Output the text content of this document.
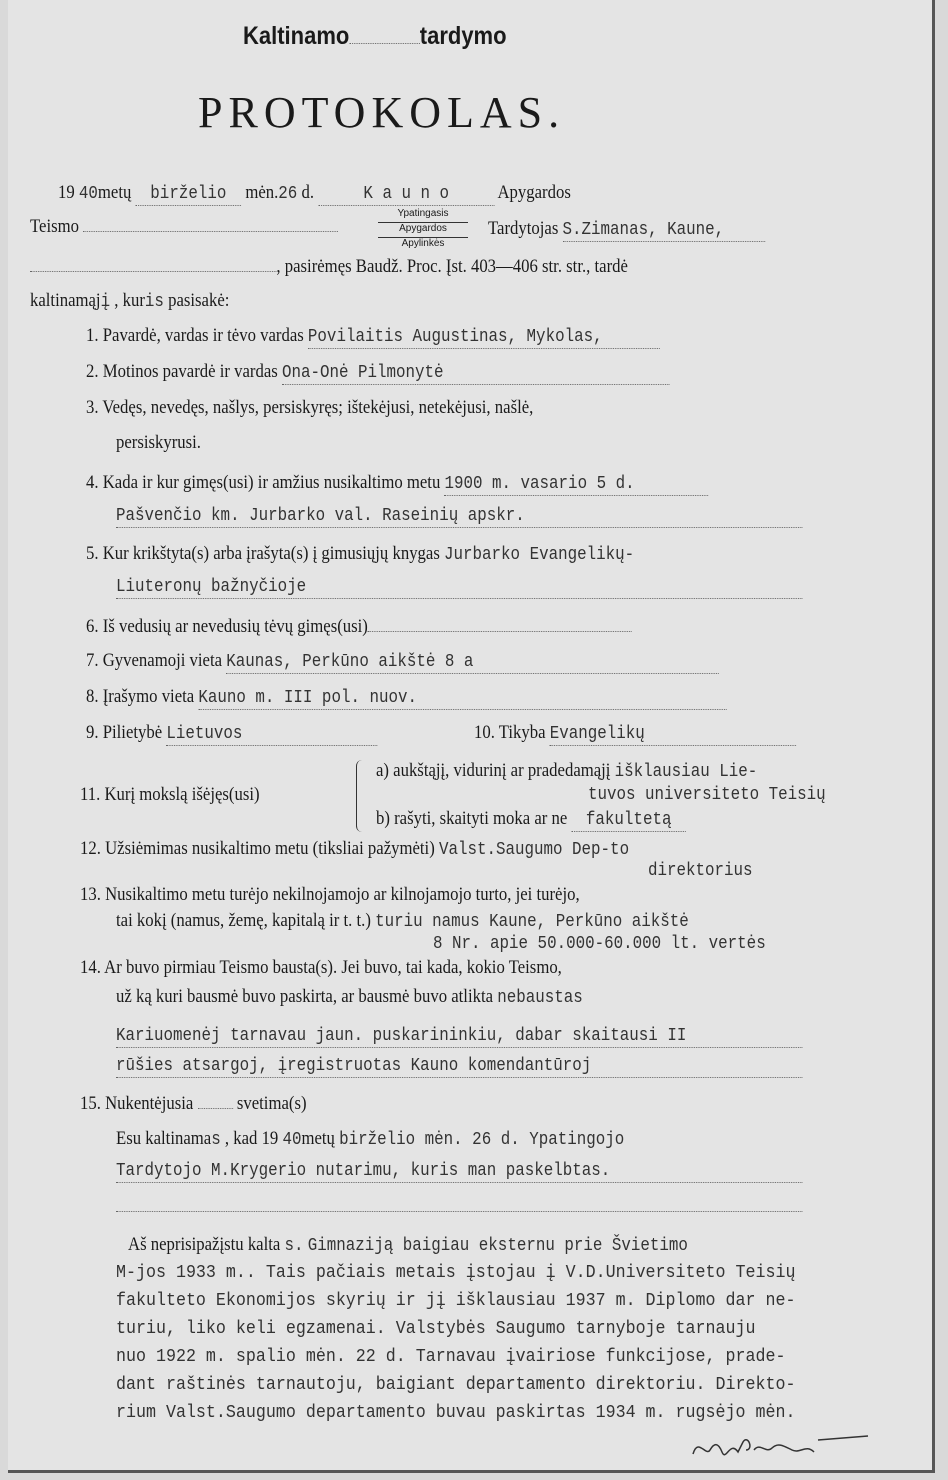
Kaltinamo	tardymo
PROTOKOLAS.
19 40metų birželio mėn.26 d.	K a u n o	Apygardos
Ypatingasis
Apygardos
Apylinkės
Teismo	Tardytojas S.Zimanas, Kaune,
, pasirėmęs Baudž. Proc. Įst. 403—406 str. str., tardė
kaltinamąjį , kuris pasisakė:
1. Pavardė, vardas ir tėvo vardas Povilaitis Augustinas, Mykolas,
2. Motinos pavardė ir vardas Ona-Onė Pilmonytė
3. Vedęs, nevedęs, našlys, persiskyręs; ištekėjusi, netekėjusi, našlė,
persiskyrusi.
4. Kada ir kur gimęs(usi) ir amžius nusikaltimo metu 1900 m. vasario 5 d.
Pašvenčio km. Jurbarko val. Raseinių apskr.
5. Kur krikštyta(s) arba įrašyta(s) į gimusiųjų knygas Jurbarko Evangelikų-
Liuteronų bažnyčioje
6. Iš vedusių ar nevedusių tėvų gimęs(usi)
7. Gyvenamoji vieta Kaunas, Perkūno aikštė 8 a
8. Įrašymo vieta Kauno m. III pol. nuov.
9. Pilietybė Lietuvos	10. Tikyba Evangelikų
11. Kurį mokslą išėjęs(usi)
a) aukštąjį, vidurinį ar pradedamąjį išklausiau Lie-
tuvos universiteto Teisių
b) rašyti, skaityti moka ar ne fakultetą
12. Užsiėmimas nusikaltimo metu (tiksliai pažymėti) Valst.Saugumo Dep-to
direktorius
13. Nusikaltimo metu turėjo nekilnojamojo ar kilnojamojo turto, jei turėjo,
tai kokį (namus, žemę, kapitalą ir t. t.) turiu namus Kaune, Perkūno aikštė
8 Nr. apie 50.000-60.000 lt. vertės
14. Ar buvo pirmiau Teismo bausta(s). Jei buvo, tai kada, kokio Teismo,
už ką kuri bausmė buvo paskirta, ar bausmė buvo atlikta nebaustas
Kariuomenėj tarnavau jaun. puskarininkiu, dabar skaitausi II
rūšies atsargoj, įregistruotas Kauno komendantūroj
15. Nukentėjusia svetima(s)
Esu kaltinamas , kad 19 40metų birželio mėn. 26 d. Ypatingojo
Tardytojo M.Krygerio nutarimu, kuris man paskelbtas.
Aš neprisipažįstu kalta s. Gimnaziją baigiau eksternu prie Švietimo
M-jos 1933 m.. Tais pačiais metais įstojau į V.D.Universiteto Teisių
fakulteto Ekonomijos skyrių ir jį išklausiau 1937 m. Diplomo dar ne-
turiu, liko keli egzamenai. Valstybės Saugumo tarnyboje tarnauju
nuo 1922 m. spalio mėn. 22 d. Tarnavau įvairiose funkcijose, prade-
dant raštinės tarnautoju, baigiant departamento direktoriu. Direkto-
rium Valst.Saugumo departamento buvau paskirtas 1934 m. rugsėjo mėn.
